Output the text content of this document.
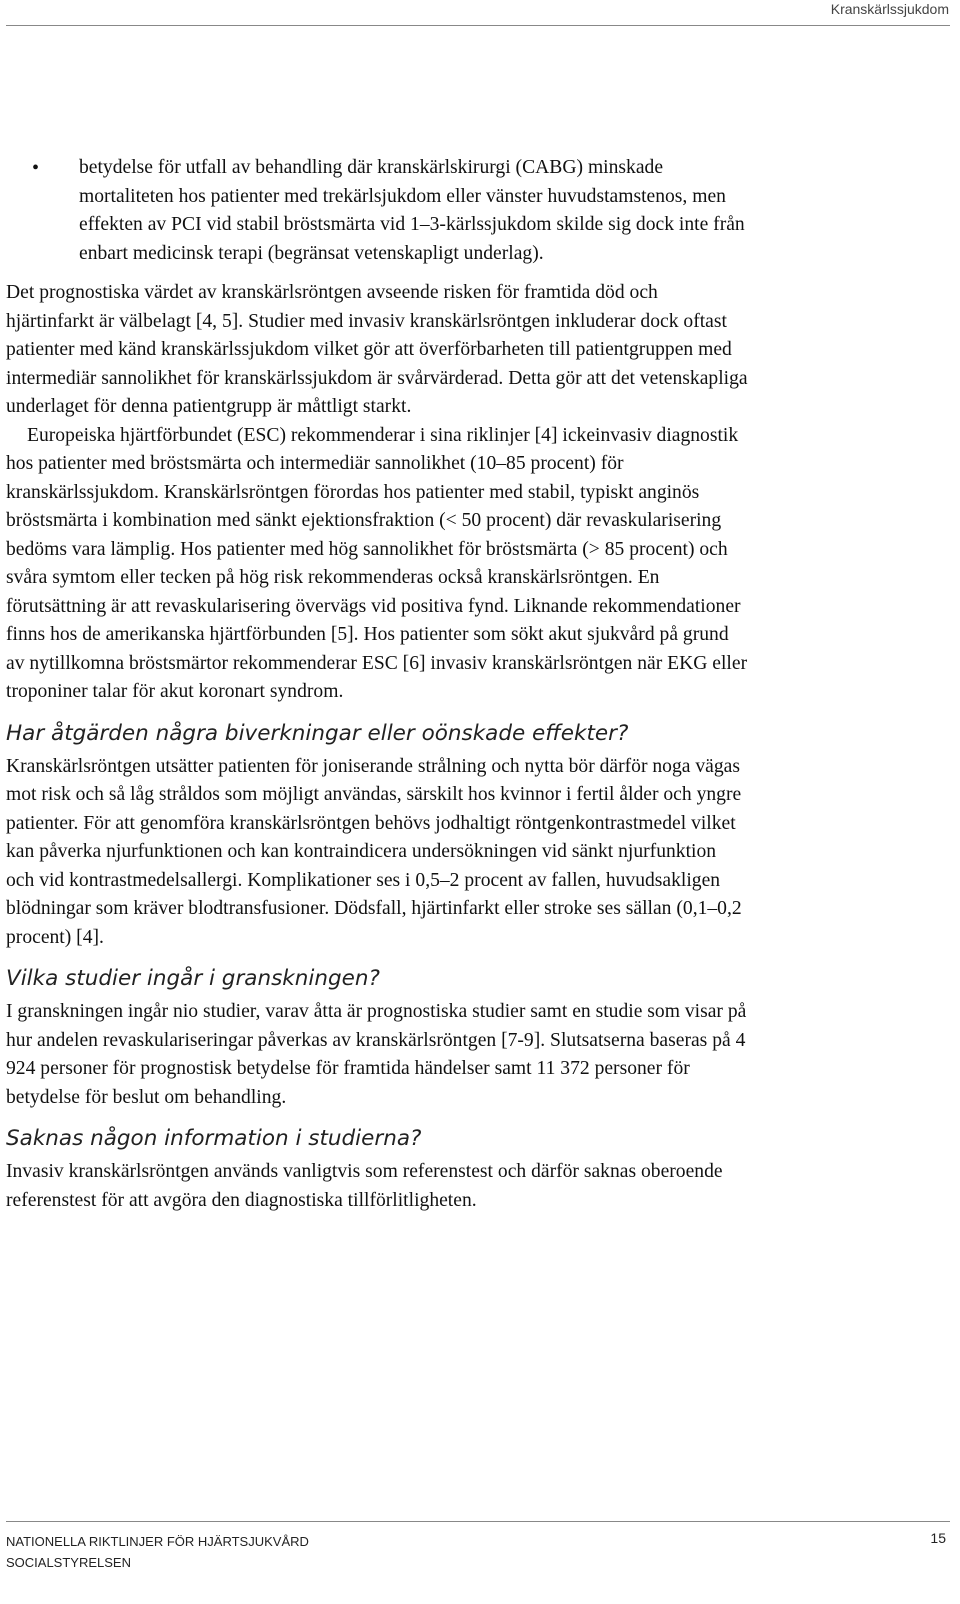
Kranskärlssjukdom
• betydelse för utfall av behandling där kranskärlskirurgi (CABG) minskade mortaliteten hos patienter med trekärlsjukdom eller vänster huvudstamstenos, men effekten av PCI vid stabil bröstsmärta vid 1–3-kärlssjukdom skilde sig dock inte från enbart medicinsk terapi (begränsat vetenskapligt underlag).

Det prognostiska värdet av kranskärlsröntgen avseende risken för framtida död och hjärtinfarkt är välbelagt [4, 5]. Studier med invasiv kranskärlsröntgen inkluderar dock oftast patienter med känd kranskärlssjukdom vilket gör att överförbarheten till patientgruppen med intermediär sannolikhet för kranskärlssjukdom är svårvärderad. Detta gör att det vetenskapliga underlaget för denna patientgrupp är måttligt starkt.

Europeiska hjärtförbundet (ESC) rekommenderar i sina riklinjer [4] ickeinvasiv diagnostik hos patienter med bröstsmärta och intermediär sannolikhet (10–85 procent) för kranskärlssjukdom. Kranskärlsröntgen förordas hos patienter med stabil, typiskt anginös bröstsmärta i kombination med sänkt ejektionsfraktion (< 50 procent) där revaskularisering bedöms vara lämplig. Hos patienter med hög sannolikhet för bröstsmärta (> 85 procent) och svåra symtom eller tecken på hög risk rekommenderas också kranskärlsröntgen. En förutsättning är att revaskularisering övervägs vid positiva fynd. Liknande rekommendationer finns hos de amerikanska hjärtförbunden [5]. Hos patienter som sökt akut sjukvård på grund av nytillkomna bröstsmärtor rekommenderar ESC [6] invasiv kranskärlsröntgen när EKG eller troponiner talar för akut koronart syndrom.

Har åtgärden några biverkningar eller oönskade effekter?

Kranskärlsröntgen utsätter patienten för joniserande strålning och nytta bör därför noga vägas mot risk och så låg stråldos som möjligt användas, särskilt hos kvinnor i fertil ålder och yngre patienter. För att genomföra kranskärlsröntgen behövs jodhaltigt röntgenkontrastmedel vilket kan påverka njurfunktionen och kan kontraindicera undersökningen vid sänkt njurfunktion och vid kontrastmedelsallergi. Komplikationer ses i 0,5–2 procent av fallen, huvudsakligen blödningar som kräver blodtransfusioner. Dödsfall, hjärtinfarkt eller stroke ses sällan (0,1–0,2 procent) [4].

Vilka studier ingår i granskningen?

I granskningen ingår nio studier, varav åtta är prognostiska studier samt en studie som visar på hur andelen revaskulariseringar påverkas av kranskärlsröntgen [7-9]. Slutsatserna baseras på 4 924 personer för prognostisk betydelse för framtida händelser samt 11 372 personer för betydelse för beslut om behandling.

Saknas någon information i studierna?

Invasiv kranskärlsröntgen används vanligtvis som referenstest och därför saknas oberoende referenstest för att avgöra den diagnostiska tillförlitligheten.

NATIONELLA RIKTLINJER FÖR HJÄRTSJUKVÅRD
SOCIALSTYRELSEN
15
